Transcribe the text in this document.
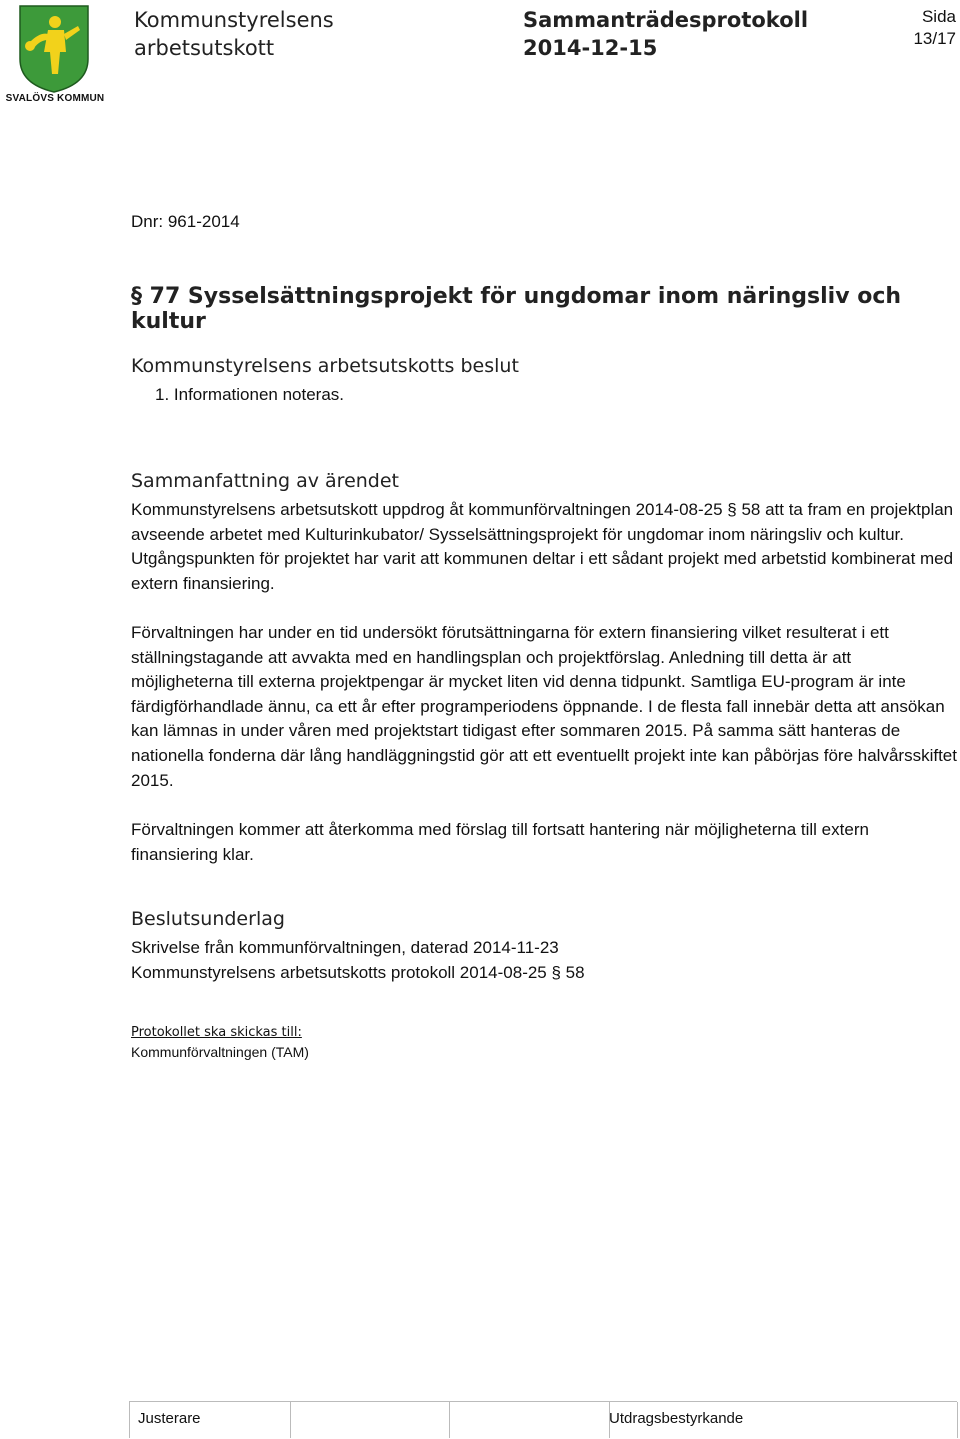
SVALÖVS KOMMUN
Kommunstyrelsens
arbetsutskott
Sammanträdesprotokoll
2014-12-15
Sida
13/17
Dnr: 961-2014
§ 77 Sysselsättningsprojekt för ungdomar inom näringsliv och kultur
Kommunstyrelsens arbetsutskotts beslut
1. Informationen noteras.
Sammanfattning av ärendet
Kommunstyrelsens arbetsutskott uppdrog åt kommunförvaltningen 2014-08-25 § 58 att ta fram en projektplan avseende arbetet med Kulturinkubator/ Sysselsättningsprojekt för ungdomar inom näringsliv och kultur. Utgångspunkten för projektet har varit att kommunen deltar i ett sådant projekt med arbetstid kombinerat med extern finansiering.
Förvaltningen har under en tid undersökt förutsättningarna för extern finansiering vilket resulterat i ett ställningstagande att avvakta med en handlingsplan och projektförslag. Anledning till detta är att möjligheterna till externa projektpengar är mycket liten vid denna tidpunkt. Samtliga EU-program är inte färdigförhandlade ännu, ca ett år efter programperiodens öppnande. I de flesta fall innebär detta att ansökan kan lämnas in under våren med projektstart tidigast efter sommaren 2015. På samma sätt hanteras de nationella fonderna där lång handläggningstid gör att ett eventuellt projekt inte kan påbörjas före halvårsskiftet 2015.
Förvaltningen kommer att återkomma med förslag till fortsatt hantering när möjligheterna till extern finansiering klar.
Beslutsunderlag
Skrivelse från kommunförvaltningen, daterad 2014-11-23
Kommunstyrelsens arbetsutskotts protokoll 2014-08-25 § 58
Protokollet ska skickas till:
Kommunförvaltningen (TAM)
Justerare	Utdragsbestyrkande
